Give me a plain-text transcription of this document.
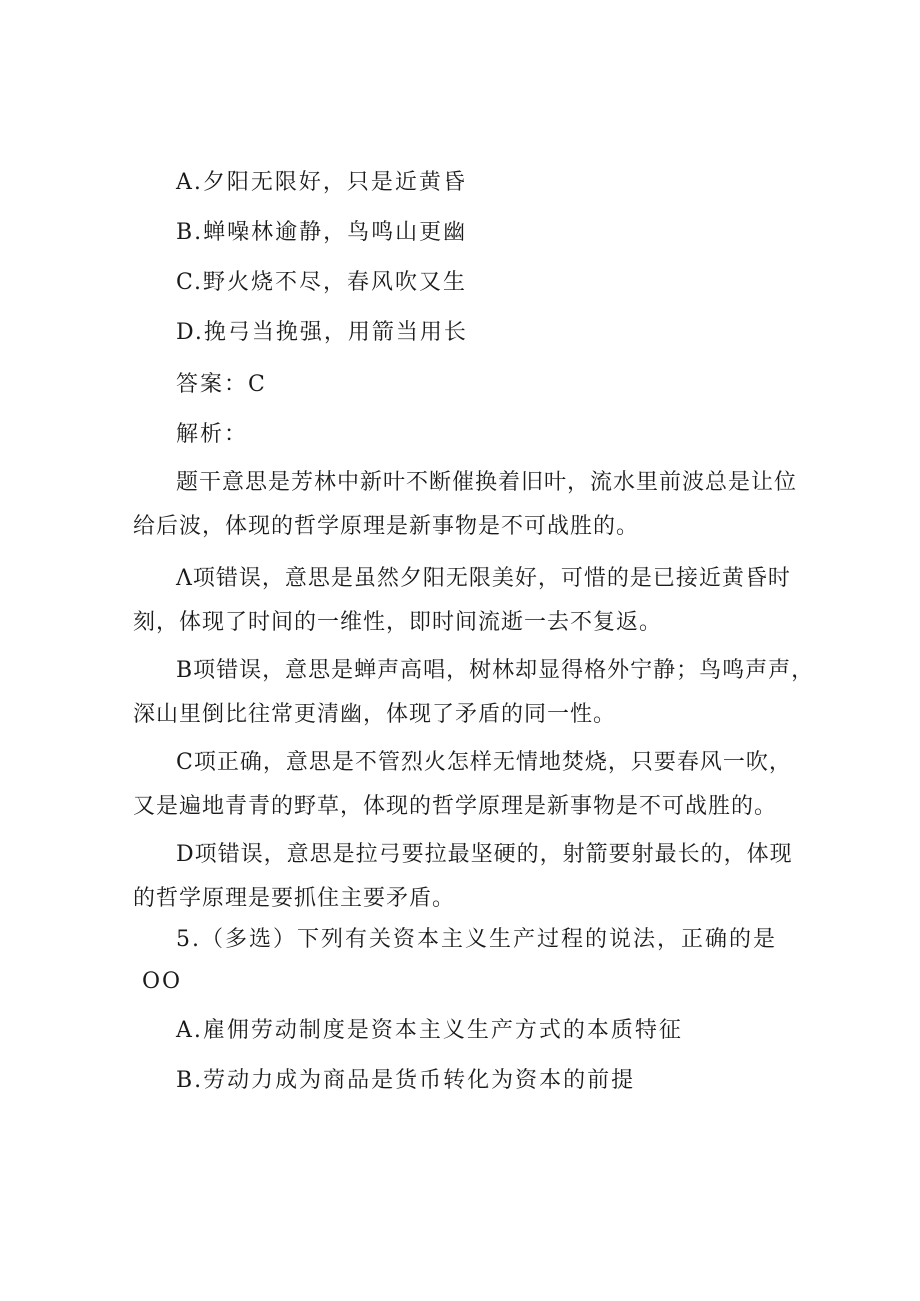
A.夕阳无限好，只是近黄昏
B.蝉噪林逾静，鸟鸣山更幽
C.野火烧不尽，春风吹又生
D.挽弓当挽强，用箭当用长
答案：C
解析：
题干意思是芳林中新叶不断催换着旧叶，流水里前波总是让位
给后波，体现的哲学原理是新事物是不可战胜的。
Λ项错误，意思是虽然夕阳无限美好，可惜的是已接近黄昏时
刻，体现了时间的一维性，即时间流逝一去不复返。
B项错误，意思是蝉声高唱，树林却显得格外宁静；鸟鸣声声，
深山里倒比往常更清幽，体现了矛盾的同一性。
C项正确，意思是不管烈火怎样无情地焚烧，只要春风一吹，
又是遍地青青的野草，体现的哲学原理是新事物是不可战胜的。
D项错误，意思是拉弓要拉最坚硬的，射箭要射最长的，体现
的哲学原理是要抓住主要矛盾。
5.（多选）下列有关资本主义生产过程的说法，正确的是
OO
A.雇佣劳动制度是资本主义生产方式的本质特征
B.劳动力成为商品是货币转化为资本的前提
